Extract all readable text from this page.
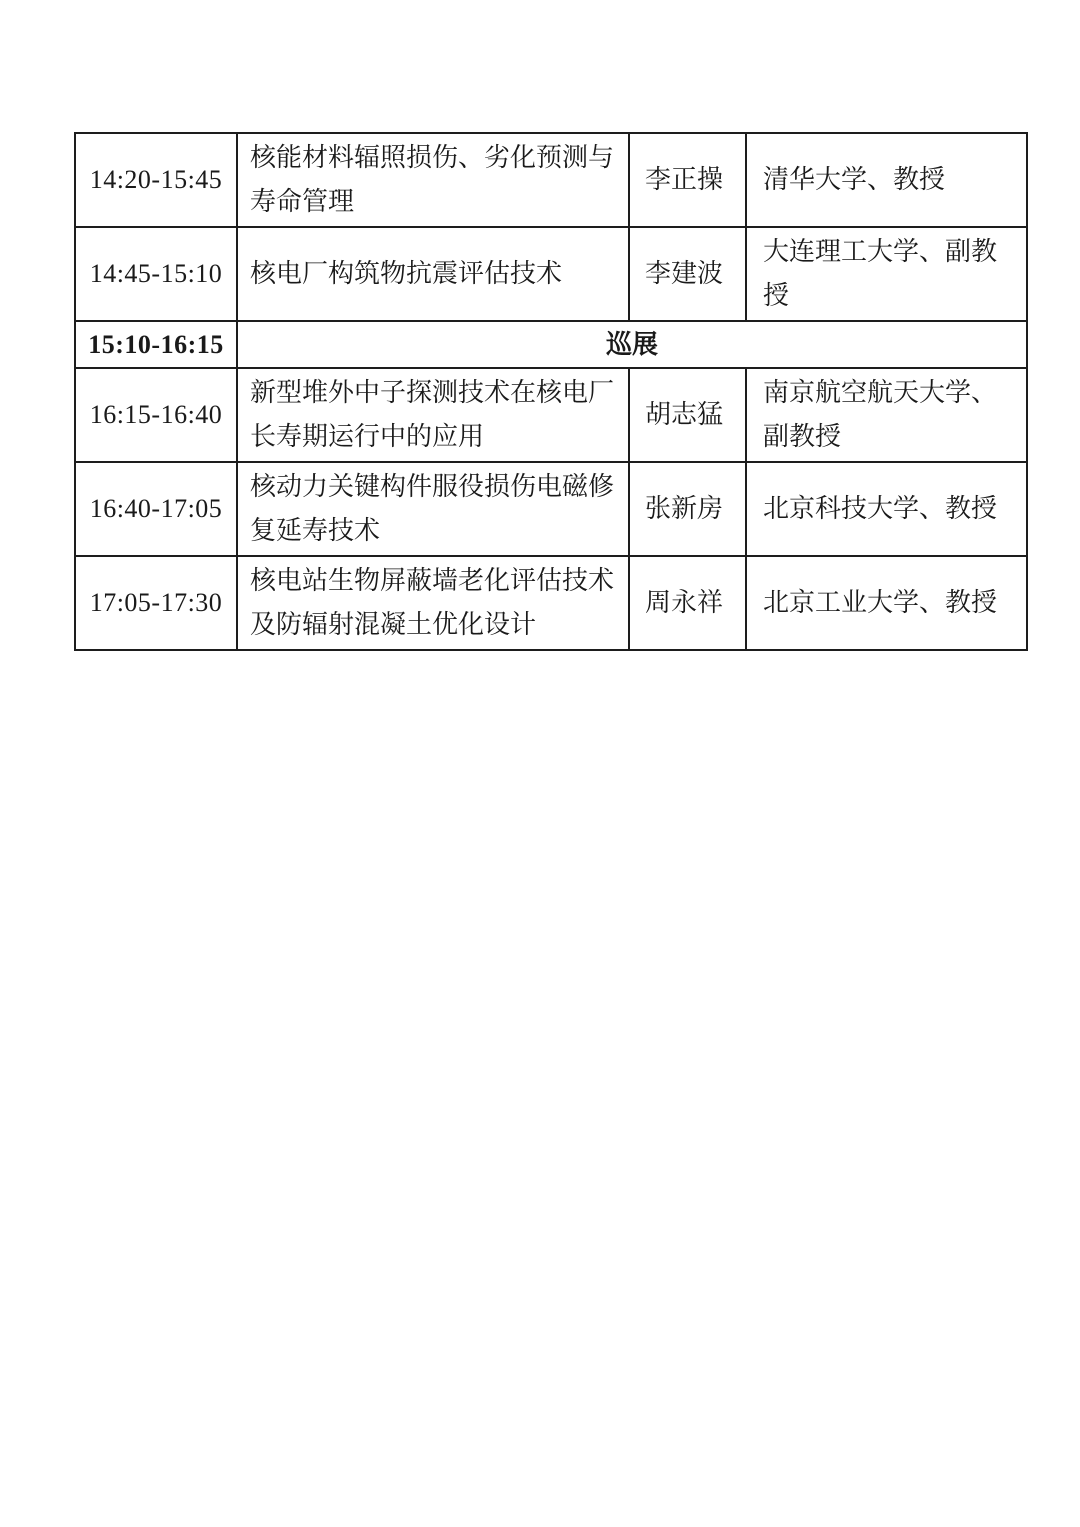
14:20-15:45	核能材料辐照损伤、劣化预测与寿命管理	李正操	清华大学、教授
14:45-15:10	核电厂构筑物抗震评估技术	李建波	大连理工大学、副教授
15:10-16:15	巡展		
16:15-16:40	新型堆外中子探测技术在核电厂长寿期运行中的应用	胡志猛	南京航空航天大学、副教授
16:40-17:05	核动力关键构件服役损伤电磁修复延寿技术	张新房	北京科技大学、教授
17:05-17:30	核电站生物屏蔽墙老化评估技术及防辐射混凝土优化设计	周永祥	北京工业大学、教授
